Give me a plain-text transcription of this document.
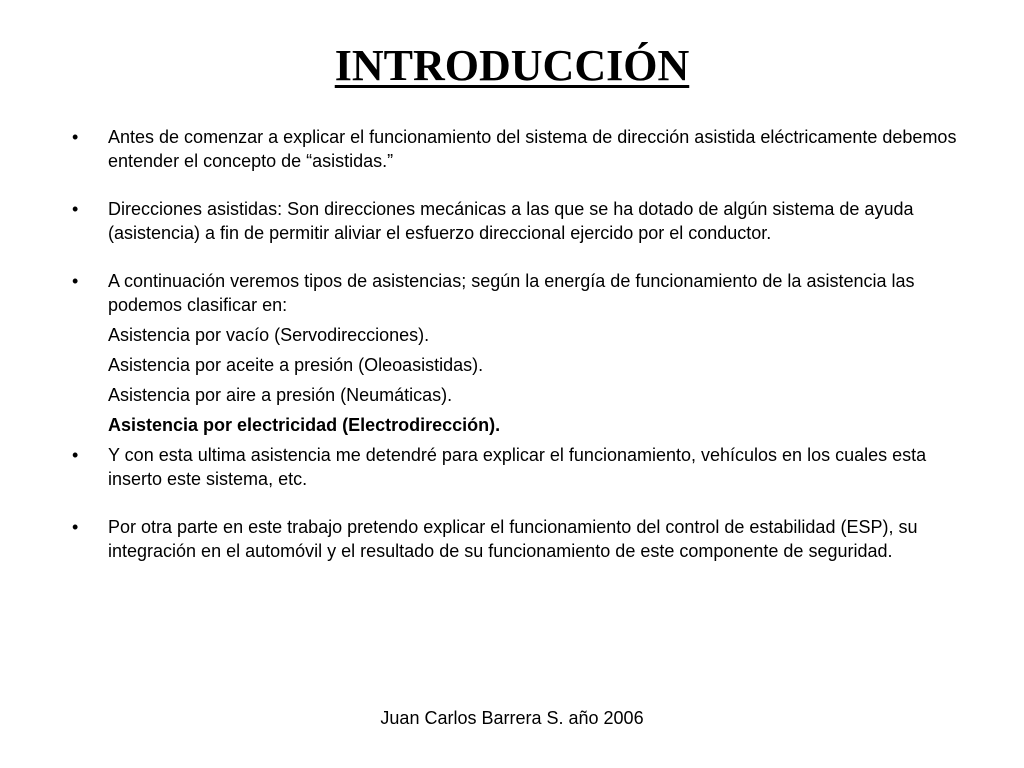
INTRODUCCIÓN
• Antes de comenzar a explicar el funcionamiento del sistema de dirección asistida eléctricamente debemos entender el concepto de “asistidas.”
• Direcciones asistidas: Son direcciones mecánicas a las que se ha dotado de algún sistema de ayuda (asistencia) a fin de permitir aliviar el esfuerzo direccional ejercido por el conductor.
• A continuación veremos tipos de asistencias; según la energía de funcionamiento de la asistencia las podemos clasificar en:
Asistencia por vacío (Servodirecciones).
Asistencia por aceite a presión (Oleoasistidas).
Asistencia por aire a presión (Neumáticas).
Asistencia por electricidad (Electrodirección).
• Y con esta ultima asistencia me detendré para explicar el funcionamiento, vehículos en los cuales esta inserto este sistema, etc.
• Por otra parte en este trabajo pretendo explicar el funcionamiento del control de estabilidad (ESP), su integración en el automóvil y el resultado de su funcionamiento de este componente de seguridad.
Juan Carlos Barrera S. año 2006
